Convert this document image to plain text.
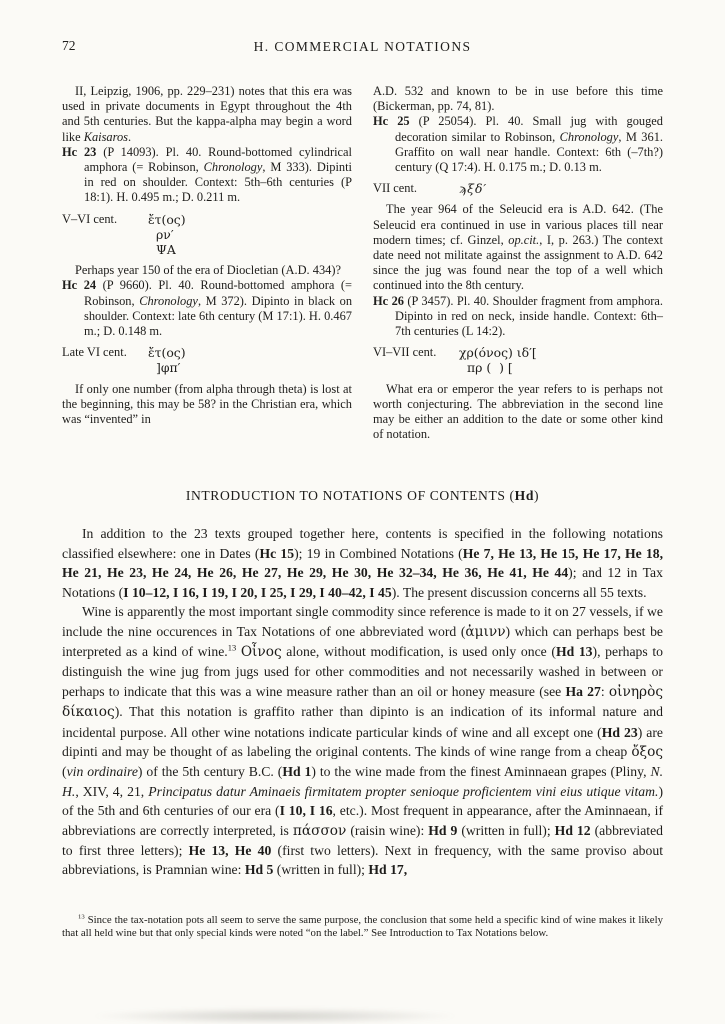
72	H. COMMERCIAL NOTATIONS

II, Leipzig, 1906, pp. 229–231) notes that this era was used in private documents in Egypt throughout the 4th and 5th centuries. But the kappa-alpha may begin a word like Kaisaros.

Hc 23 (P 14093). Pl. 40. Round-bottomed cylindrical amphora (= Robinson, Chronology, M 333). Dipinti in red on shoulder. Context: 5th–6th centuries (P 18:1). H. 0.495 m.; D. 0.211 m.

V–VI cent.	ἔτ(ος)
ρν′
ΨΑ

Perhaps year 150 of the era of Diocletian (A.D. 434)?

Hc 24 (P 9660). Pl. 40. Round-bottomed amphora (= Robinson, Chronology, M 372). Dipinto in black on shoulder. Context: late 6th century (M 17:1). H. 0.467 m.; D. 0.148 m.

Late VI cent.	ἔτ(ος)
]φπ′

If only one number (from alpha through theta) is lost at the beginning, this may be 58? in the Christian era, which was “invented” in

A.D. 532 and known to be in use before this time (Bickerman, pp. 74, 81).

Hc 25 (P 25054). Pl. 40. Small jug with gouged decoration similar to Robinson, Chronology, M 361. Graffito on wall near handle. Context: 6th (–7th?) century (Q 17:4). H. 0.175 m.; D. 0.13 m.

VII cent.	ϡξδ′

The year 964 of the Seleucid era is A.D. 642. (The Seleucid era continued in use in various places till near modern times; cf. Ginzel, op.cit., I, p. 263.) The context date need not militate against the assignment to A.D. 642 since the jug was found near the top of a well which continued into the 8th century.

Hc 26 (P 3457). Pl. 40. Shoulder fragment from amphora. Dipinto in red on neck, inside handle. Context: 6th–7th centuries (L 14:2).

VI–VII cent.	χρ(όνος) ιδ′[
πρ (  ) [

What era or emperor the year refers to is perhaps not worth conjecturing. The abbreviation in the second line may be either an addition to the date or some other kind of notation.

INTRODUCTION TO NOTATIONS OF CONTENTS (Hd)

In addition to the 23 texts grouped together here, contents is specified in the following notations classified elsewhere: one in Dates (Hc 15); 19 in Combined Notations (He 7, He 13, He 15, He 17, He 18, He 21, He 23, He 24, He 26, He 27, He 29, He 30, He 32–34, He 36, He 41, He 44); and 12 in Tax Notations (I 10–12, I 16, I 19, I 20, I 25, I 29, I 40–42, I 45). The present discussion concerns all 55 texts.

Wine is apparently the most important single commodity since reference is made to it on 27 vessels, if we include the nine occurences in Tax Notations of one abbreviated word (ἀμινν) which can perhaps best be interpreted as a kind of wine.$^{13}$ Οἶνος alone, without modification, is used only once (Hd 13), perhaps to distinguish the wine jug from jugs used for other commodities and not necessarily washed in between or perhaps to indicate that this was a wine measure rather than an oil or honey measure (see Ha 27: οἰνηρὸς δίκαιος). That this notation is graffito rather than dipinto is an indication of its informal nature and incidental purpose. All other wine notations indicate particular kinds of wine and all except one (Hd 23) are dipinti and may be thought of as labeling the original contents. The kinds of wine range from a cheap ὄξος (vin ordinaire) of the 5th century B.C. (Hd 1) to the wine made from the finest Aminnaean grapes (Pliny, N. H., XIV, 4, 21, Principatus datur Aminaeis firmitatem propter senioque proficientem vini eius utique vitam.) of the 5th and 6th centuries of our era (I 10, I 16, etc.). Most frequent in appearance, after the Aminnaean, if abbreviations are correctly interpreted, is πάσσον (raisin wine): Hd 9 (written in full); Hd 12 (abbreviated to first three letters); He 13, He 40 (first two letters). Next in frequency, with the same proviso about abbreviations, is Pramnian wine: Hd 5 (written in full); Hd 17,

$^{13}$ Since the tax-notation pots all seem to serve the same purpose, the conclusion that some held a specific kind of wine makes it likely that all held wine but that only special kinds were noted “on the label.” See Introduction to Tax Notations below.
